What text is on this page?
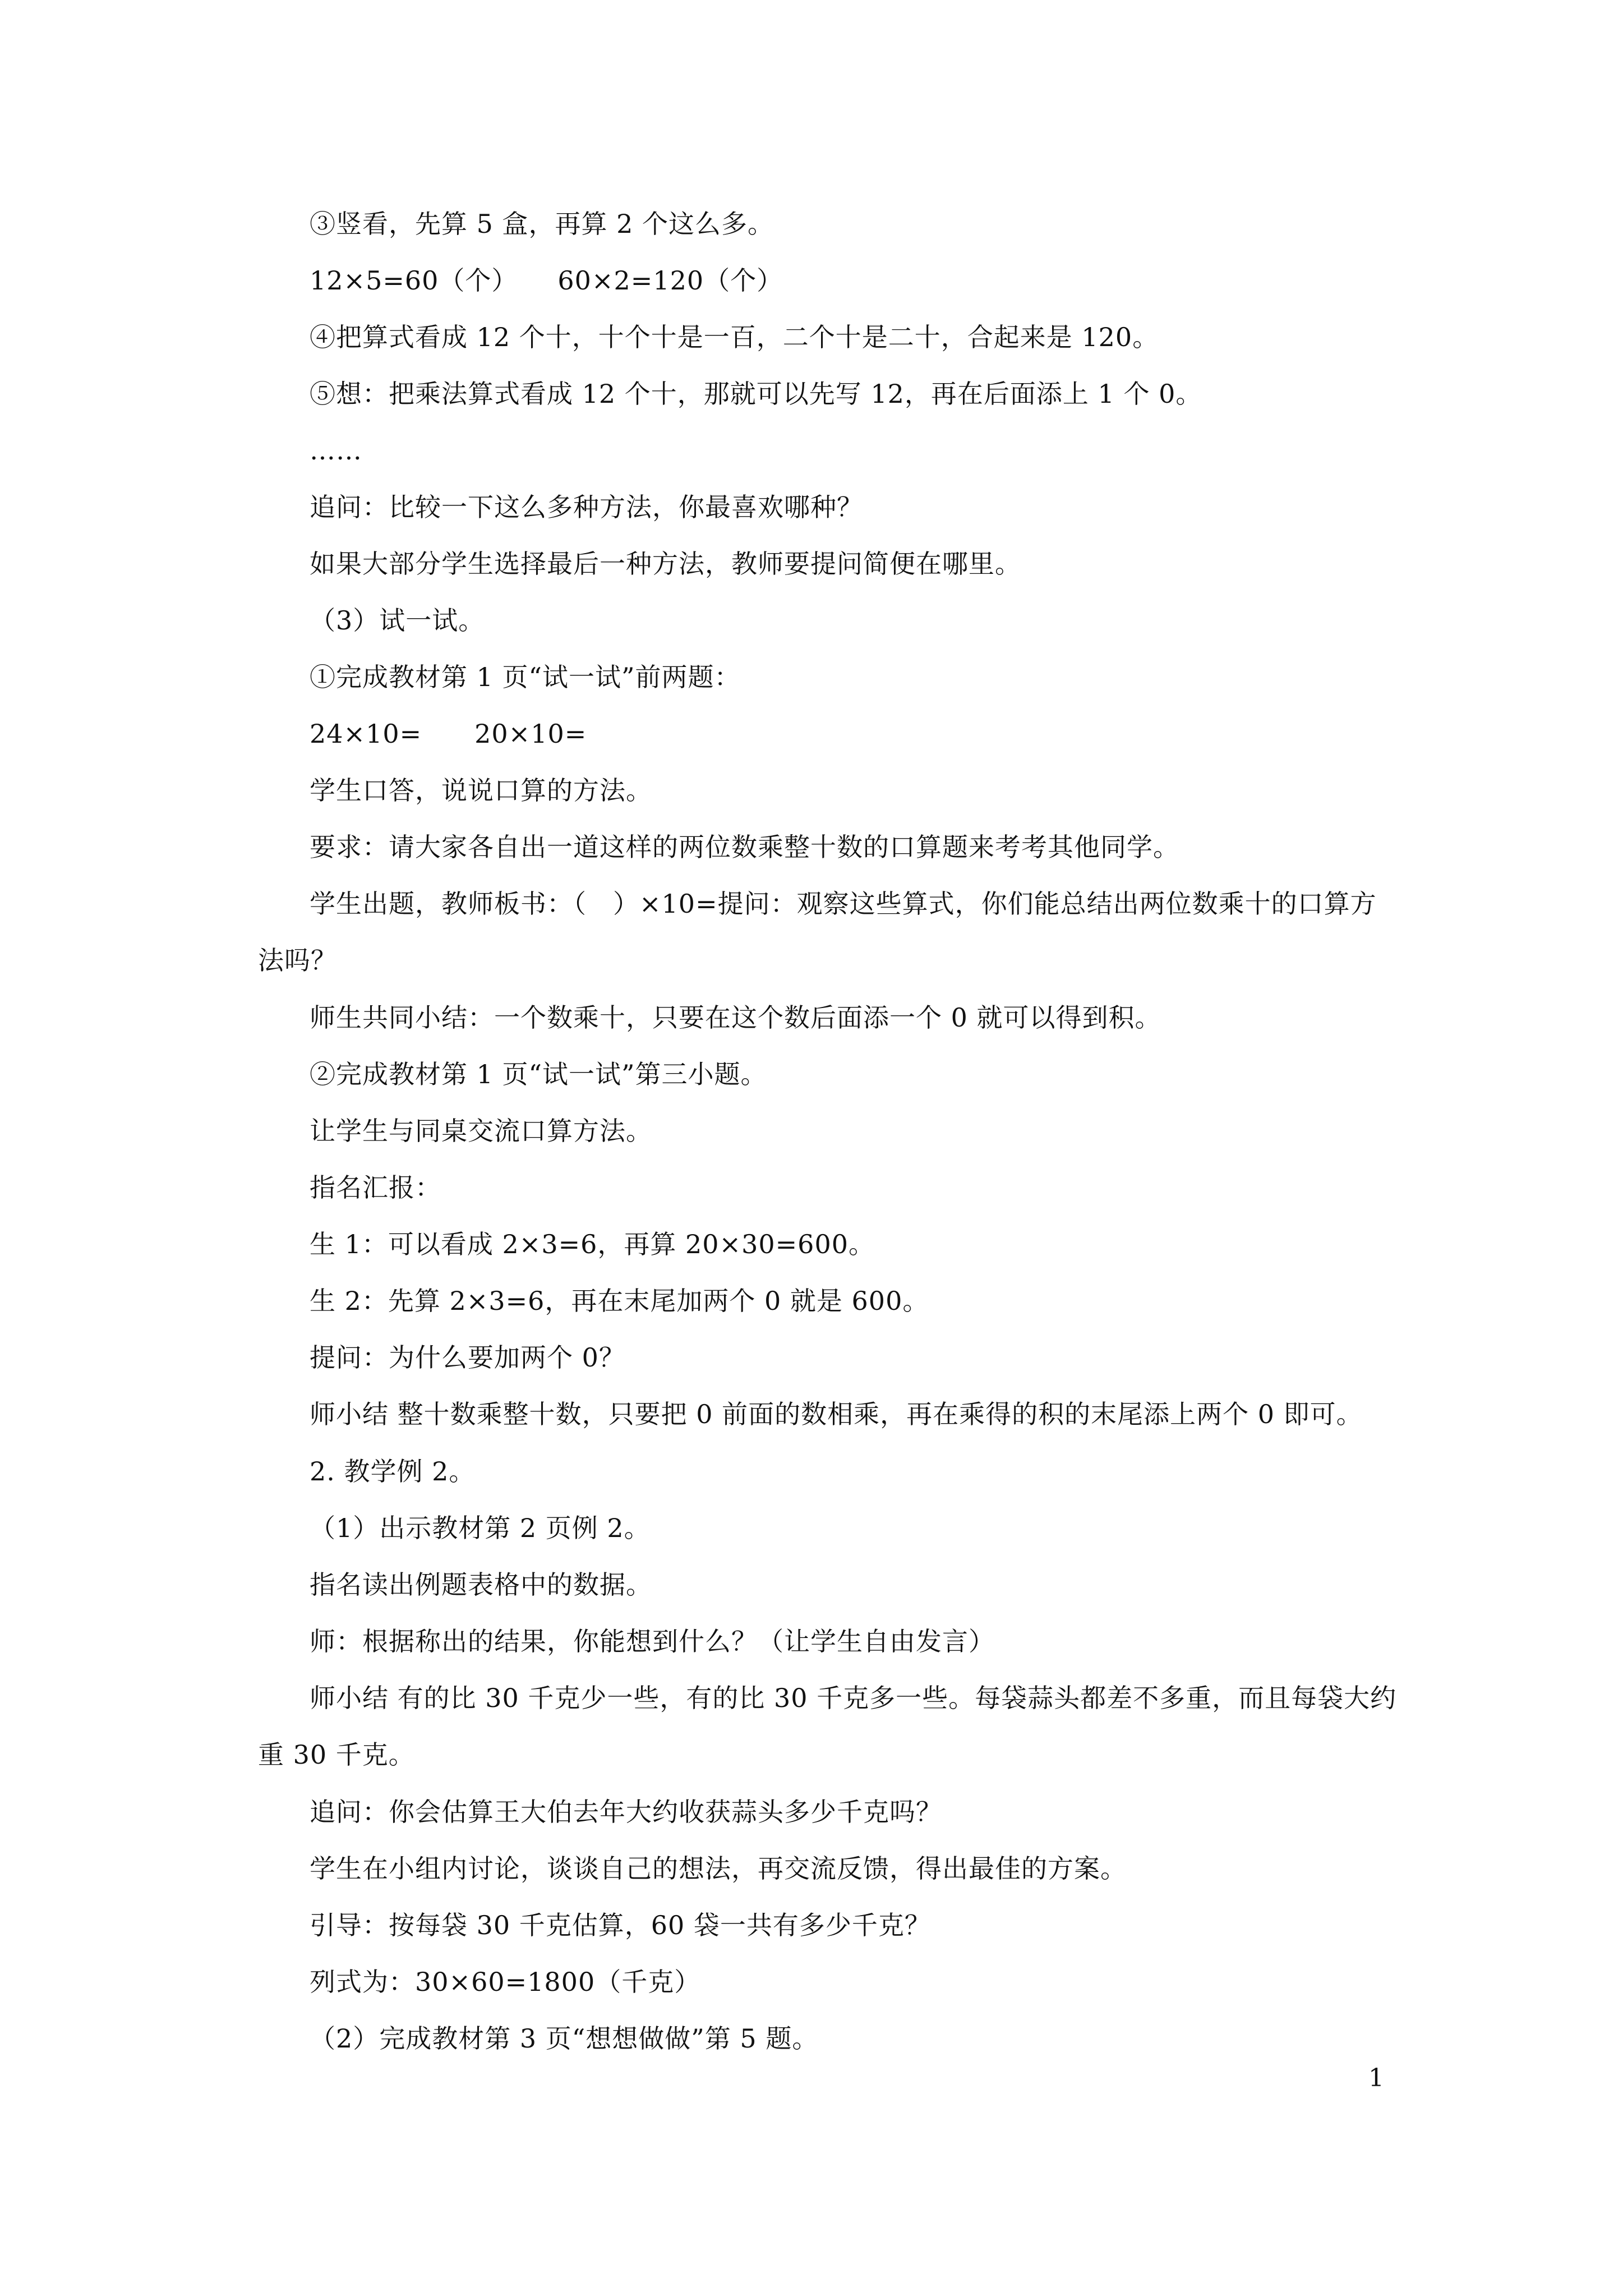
③竖看，先算 5 盒，再算 2 个这么多。
12×5=60（个）　　60×2=120（个）
④把算式看成 12 个十，十个十是一百，二个十是二十，合起来是 120。
⑤想：把乘法算式看成 12 个十，那就可以先写 12，再在后面添上 1 个 0。
……
追问：比较一下这么多种方法，你最喜欢哪种？
如果大部分学生选择最后一种方法，教师要提问简便在哪里。
（3）试一试。
①完成教材第 1 页“试一试”前两题：
24×10=　　20×10=
学生口答，说说口算的方法。
要求：请大家各自出一道这样的两位数乘整十数的口算题来考考其他同学。
学生出题，教师板书：（　）×10=提问：观察这些算式，你们能总结出两位数乘十的口算方法吗？
师生共同小结：一个数乘十，只要在这个数后面添一个 0 就可以得到积。
②完成教材第 1 页“试一试”第三小题。
让学生与同桌交流口算方法。
指名汇报：
生 1：可以看成 2×3=6，再算 20×30=600。
生 2：先算 2×3=6，再在末尾加两个 0 就是 600。
提问：为什么要加两个 0？
师小结 整十数乘整十数，只要把 0 前面的数相乘，再在乘得的积的末尾添上两个 0 即可。
2. 教学例 2。
（1）出示教材第 2 页例 2。
指名读出例题表格中的数据。
师：根据称出的结果，你能想到什么？（让学生自由发言）
师小结 有的比 30 千克少一些，有的比 30 千克多一些。每袋蒜头都差不多重，而且每袋大约重 30 千克。
追问：你会估算王大伯去年大约收获蒜头多少千克吗？
学生在小组内讨论，谈谈自己的想法，再交流反馈，得出最佳的方案。
引导：按每袋 30 千克估算，60 袋一共有多少千克？
列式为：30×60=1800（千克）
（2）完成教材第 3 页“想想做做”第 5 题。
1
